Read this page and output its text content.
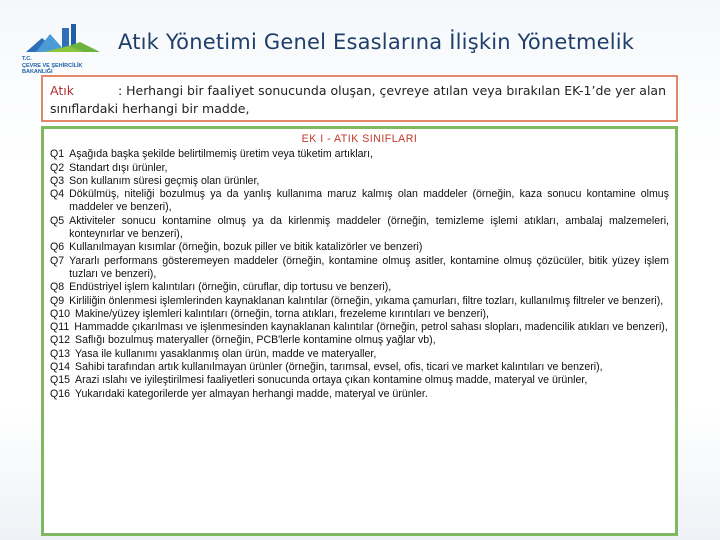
T.C.
ÇEVRE VE ŞEHİRCİLİK
BAKANLIĞI
Atık Yönetimi Genel Esaslarına İlişkin Yönetmelik
Atık	: Herhangi bir faaliyet sonucunda oluşan, çevreye atılan veya bırakılan EK-1’de yer alan sınıflardaki herhangi bir madde,
EK I - ATIK SINIFLARI
Q1 Aşağıda başka şekilde belirtilmemiş üretim veya tüketim artıkları,
Q2 Standart dışı ürünler,
Q3 Son kullanım süresi geçmiş olan ürünler,
Q4 Dökülmüş, niteliği bozulmuş ya da yanlış kullanıma maruz kalmış olan maddeler (örneğin, kaza sonucu kontamine olmuş maddeler ve benzeri),
Q5 Aktiviteler sonucu kontamine olmuş ya da kirlenmiş maddeler (örneğin, temizleme işlemi atıkları, ambalaj malzemeleri, konteynırlar ve benzeri),
Q6 Kullanılmayan kısımlar (örneğin, bozuk piller ve bitik katalizörler ve benzeri)
Q7 Yararlı performans gösteremeyen maddeler (örneğin, kontamine olmuş asitler, kontamine olmuş çözücüler, bitik yüzey işlem tuzları ve benzeri),
Q8 Endüstriyel işlem kalıntıları (örneğin, cüruflar, dip tortusu ve benzeri),
Q9 Kirliliğin önlenmesi işlemlerinden kaynaklanan kalıntılar (örneğin, yıkama çamurları, filtre tozları, kullanılmış filtreler ve benzeri),
Q10 Makine/yüzey işlemleri kalıntıları (örneğin, torna atıkları, frezeleme kırıntıları ve benzeri),
Q11 Hammadde çıkarılması ve işlenmesinden kaynaklanan kalıntılar (örneğin, petrol sahası slopları, madencilik atıkları ve benzeri),
Q12 Saflığı bozulmuş materyaller (örneğin, PCB'lerle kontamine olmuş yağlar vb),
Q13 Yasa ile kullanımı yasaklanmış olan ürün, madde ve materyaller,
Q14 Sahibi tarafından artık kullanılmayan ürünler (örneğin, tarımsal, evsel, ofis, ticari ve market kalıntıları ve benzeri),
Q15 Arazi ıslahı ve iyileştirilmesi faaliyetleri sonucunda ortaya çıkan kontamine olmuş madde, materyal ve ürünler,
Q16 Yukarıdaki kategorilerde yer almayan herhangi madde, materyal ve ürünler.
